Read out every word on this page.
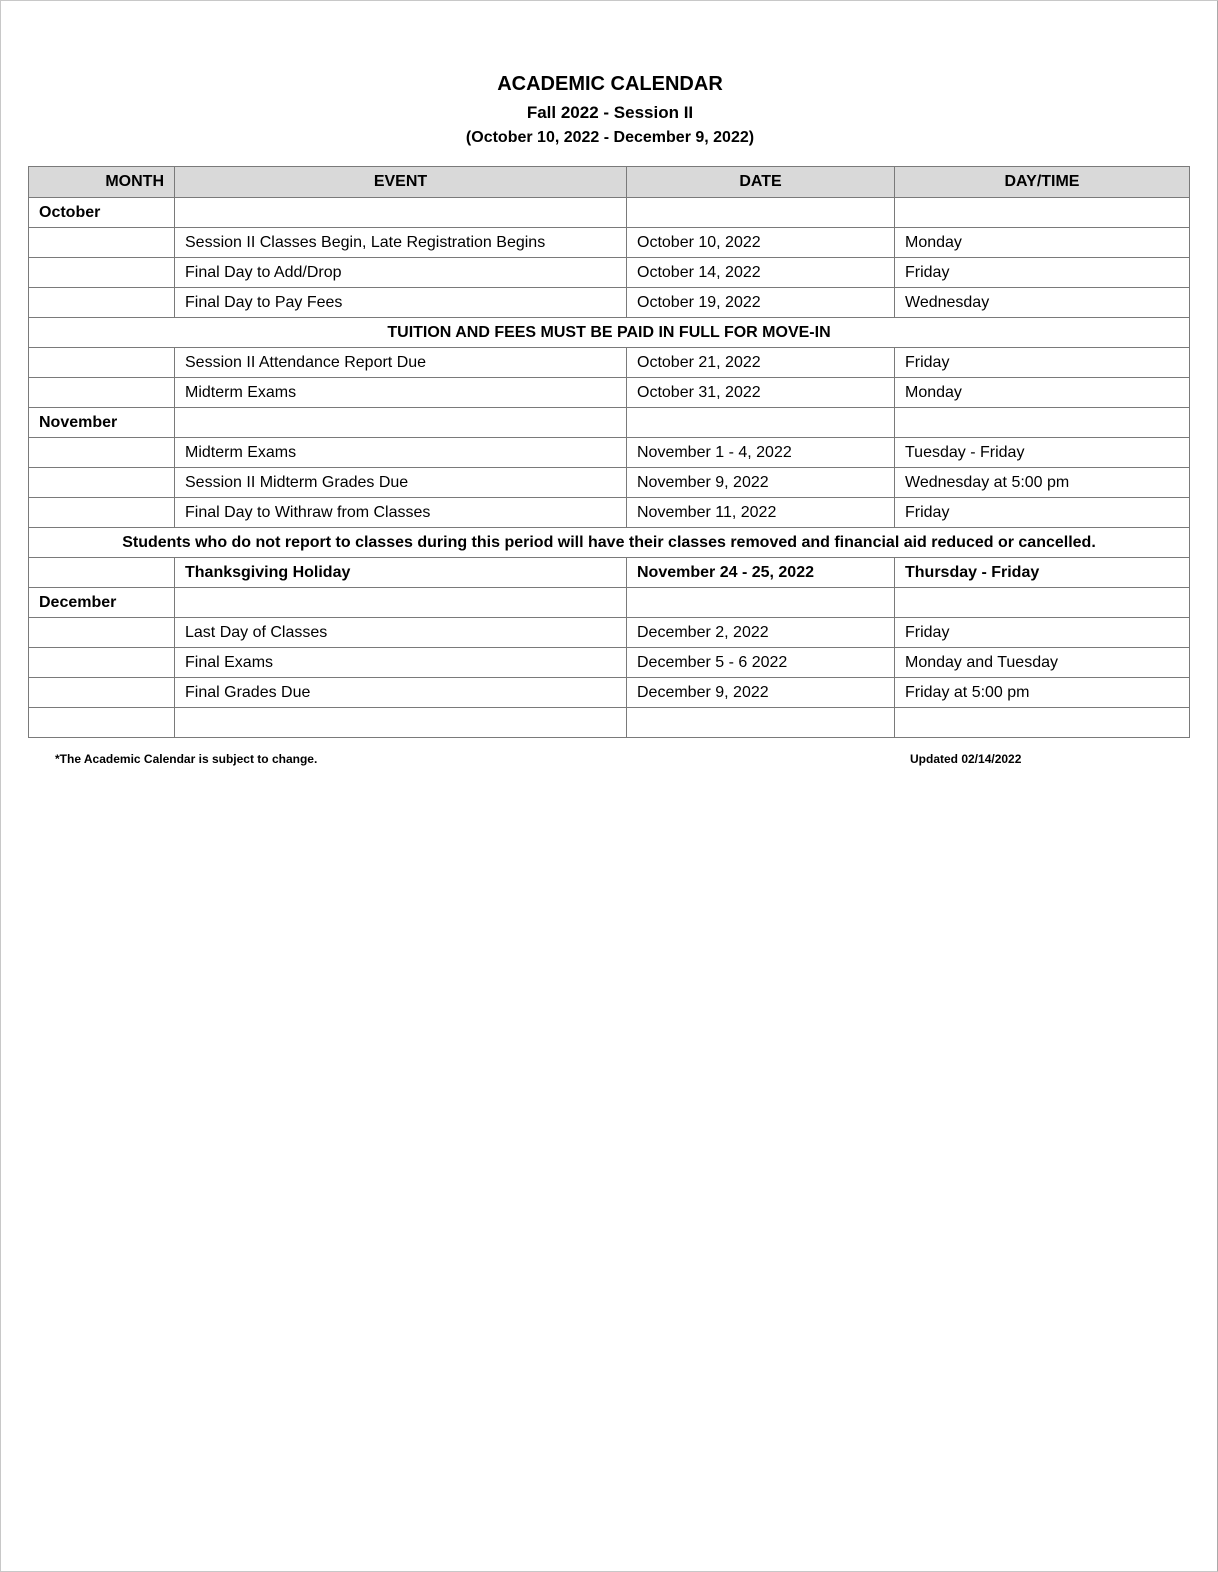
ACADEMIC CALENDAR
Fall 2022 - Session II
(October 10, 2022 - December 9, 2022)
MONTH	EVENT	DATE	DAY/TIME
October			
	Session II Classes Begin, Late Registration Begins	October 10, 2022	Monday
	Final Day to Add/Drop	October 14, 2022	Friday
	Final Day to Pay Fees	October 19, 2022	Wednesday
TUITION AND FEES MUST BE PAID IN FULL FOR MOVE-IN			
	Session II Attendance Report Due	October 21, 2022	Friday
	Midterm Exams	October 31, 2022	Monday
November			
	Midterm Exams	November 1 - 4, 2022	Tuesday - Friday
	Session II Midterm Grades Due	November 9, 2022	Wednesday at 5:00 pm
	Final Day to Withraw from Classes	November 11, 2022	Friday
Students who do not report to classes during this period will have their classes removed and financial aid reduced or cancelled.			
	Thanksgiving Holiday	November 24 - 25, 2022	Thursday - Friday
December			
	Last Day of Classes	December 2, 2022	Friday
	Final Exams	December 5 - 6 2022	Monday and Tuesday
	Final Grades Due	December 9, 2022	Friday at 5:00 pm

*The Academic Calendar is subject to change.	Updated 02/14/2022
